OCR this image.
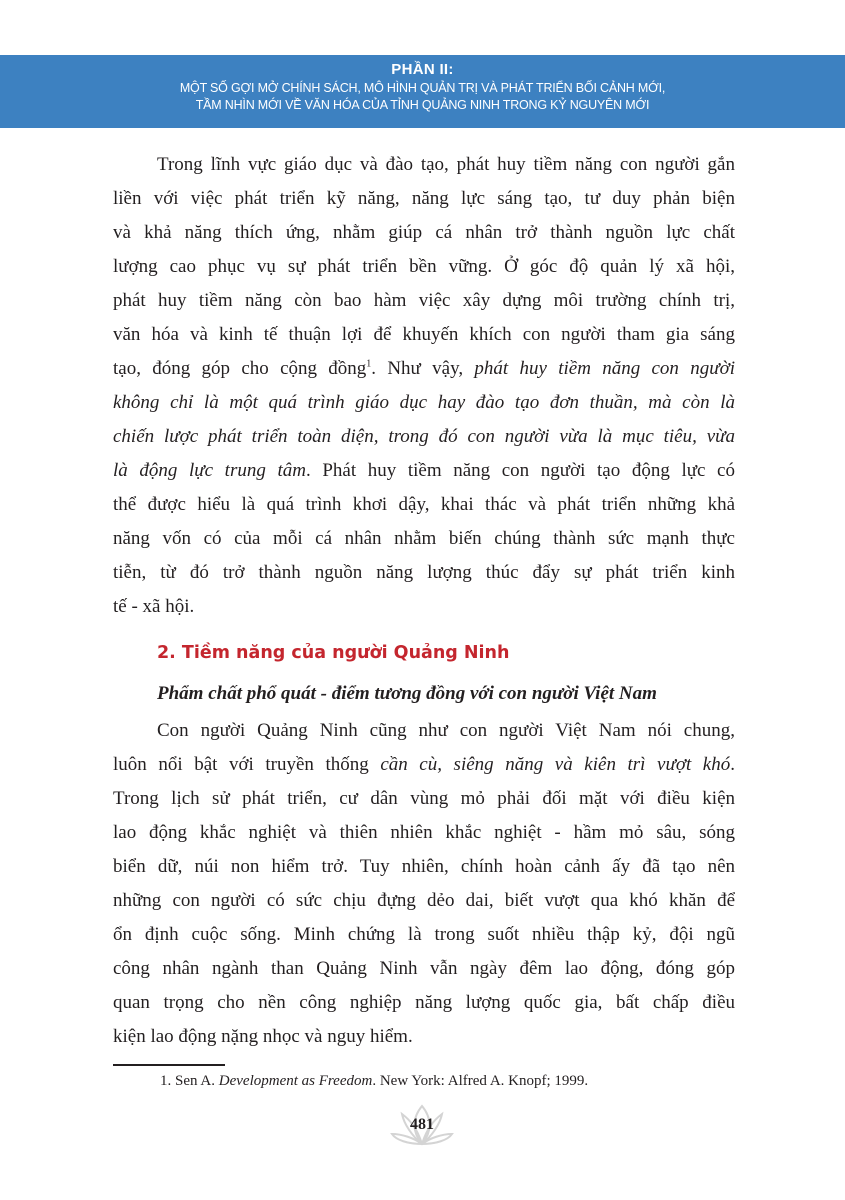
PHẦN II:
MỘT SỐ GỢI MỞ CHÍNH SÁCH, MÔ HÌNH QUẢN TRỊ VÀ PHÁT TRIỂN BỐI CẢNH MỚI,
TẦM NHÌN MỚI VỀ VĂN HÓA CỦA TỈNH QUẢNG NINH TRONG KỶ NGUYÊN MỚI
Trong lĩnh vực giáo dục và đào tạo, phát huy tiềm năng con người gắn
liền với việc phát triển kỹ năng, năng lực sáng tạo, tư duy phản biện
và khả năng thích ứng, nhằm giúp cá nhân trở thành nguồn lực chất
lượng cao phục vụ sự phát triển bền vững. Ở góc độ quản lý xã hội,
phát huy tiềm năng còn bao hàm việc xây dựng môi trường chính trị,
văn hóa và kinh tế thuận lợi để khuyến khích con người tham gia sáng
tạo, đóng góp cho cộng đồng$^1$. Như vậy, phát huy tiềm năng con người
không chỉ là một quá trình giáo dục hay đào tạo đơn thuần, mà còn là
chiến lược phát triển toàn diện, trong đó con người vừa là mục tiêu, vừa
là động lực trung tâm. Phát huy tiềm năng con người tạo động lực có
thể được hiểu là quá trình khơi dậy, khai thác và phát triển những khả
năng vốn có của mỗi cá nhân nhằm biến chúng thành sức mạnh thực
tiễn, từ đó trở thành nguồn năng lượng thúc đẩy sự phát triển kinh
tế - xã hội.
2. Tiềm năng của người Quảng Ninh
Phẩm chất phổ quát - điểm tương đồng với con người Việt Nam
Con người Quảng Ninh cũng như con người Việt Nam nói chung,
luôn nổi bật với truyền thống cần cù, siêng năng và kiên trì vượt khó.
Trong lịch sử phát triển, cư dân vùng mỏ phải đối mặt với điều kiện
lao động khắc nghiệt và thiên nhiên khắc nghiệt - hầm mỏ sâu, sóng
biển dữ, núi non hiểm trở. Tuy nhiên, chính hoàn cảnh ấy đã tạo nên
những con người có sức chịu đựng dẻo dai, biết vượt qua khó khăn để
ổn định cuộc sống. Minh chứng là trong suốt nhiều thập kỷ, đội ngũ
công nhân ngành than Quảng Ninh vẫn ngày đêm lao động, đóng góp
quan trọng cho nền công nghiệp năng lượng quốc gia, bất chấp điều
kiện lao động nặng nhọc và nguy hiểm.
1. Sen A. Development as Freedom. New York: Alfred A. Knopf; 1999.
481
